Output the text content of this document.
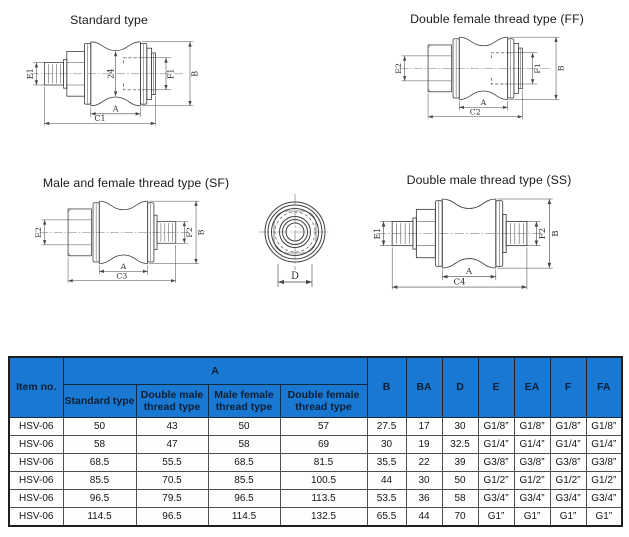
Standard type	Double female thread type (FF)
Male and female thread type (SF)	Double male thread type (SS)
E1	F1 B
A
C1
24
E2	F1 B
A
C2
E2	F2 B
A
C3
E1	F2 B
A
C4
D
Item no.	A				B	BA	D	E	EA	F	FA
	Standard type	Double male thread type	Male female thread type	Double female thread type							
HSV-06	50	43	50	57	27.5	17	30	G1/8”	G1/8”	G1/8”	G1/8”
HSV-06	58	47	58	69	30	19	32.5	G1/4”	G1/4”	G1/4”	G1/4”
HSV-06	68.5	55.5	68.5	81.5	35.5	22	39	G3/8”	G3/8”	G3/8”	G3/8”
HSV-06	85.5	70.5	85.5	100.5	44	30	50	G1/2”	G1/2”	G1/2”	G1/2”
HSV-06	96.5	79.5	96.5	113.5	53.5	36	58	G3/4”	G3/4”	G3/4”	G3/4”
HSV-06	114.5	96.5	114.5	132.5	65.5	44	70	G1”	G1”	G1”	G1”
